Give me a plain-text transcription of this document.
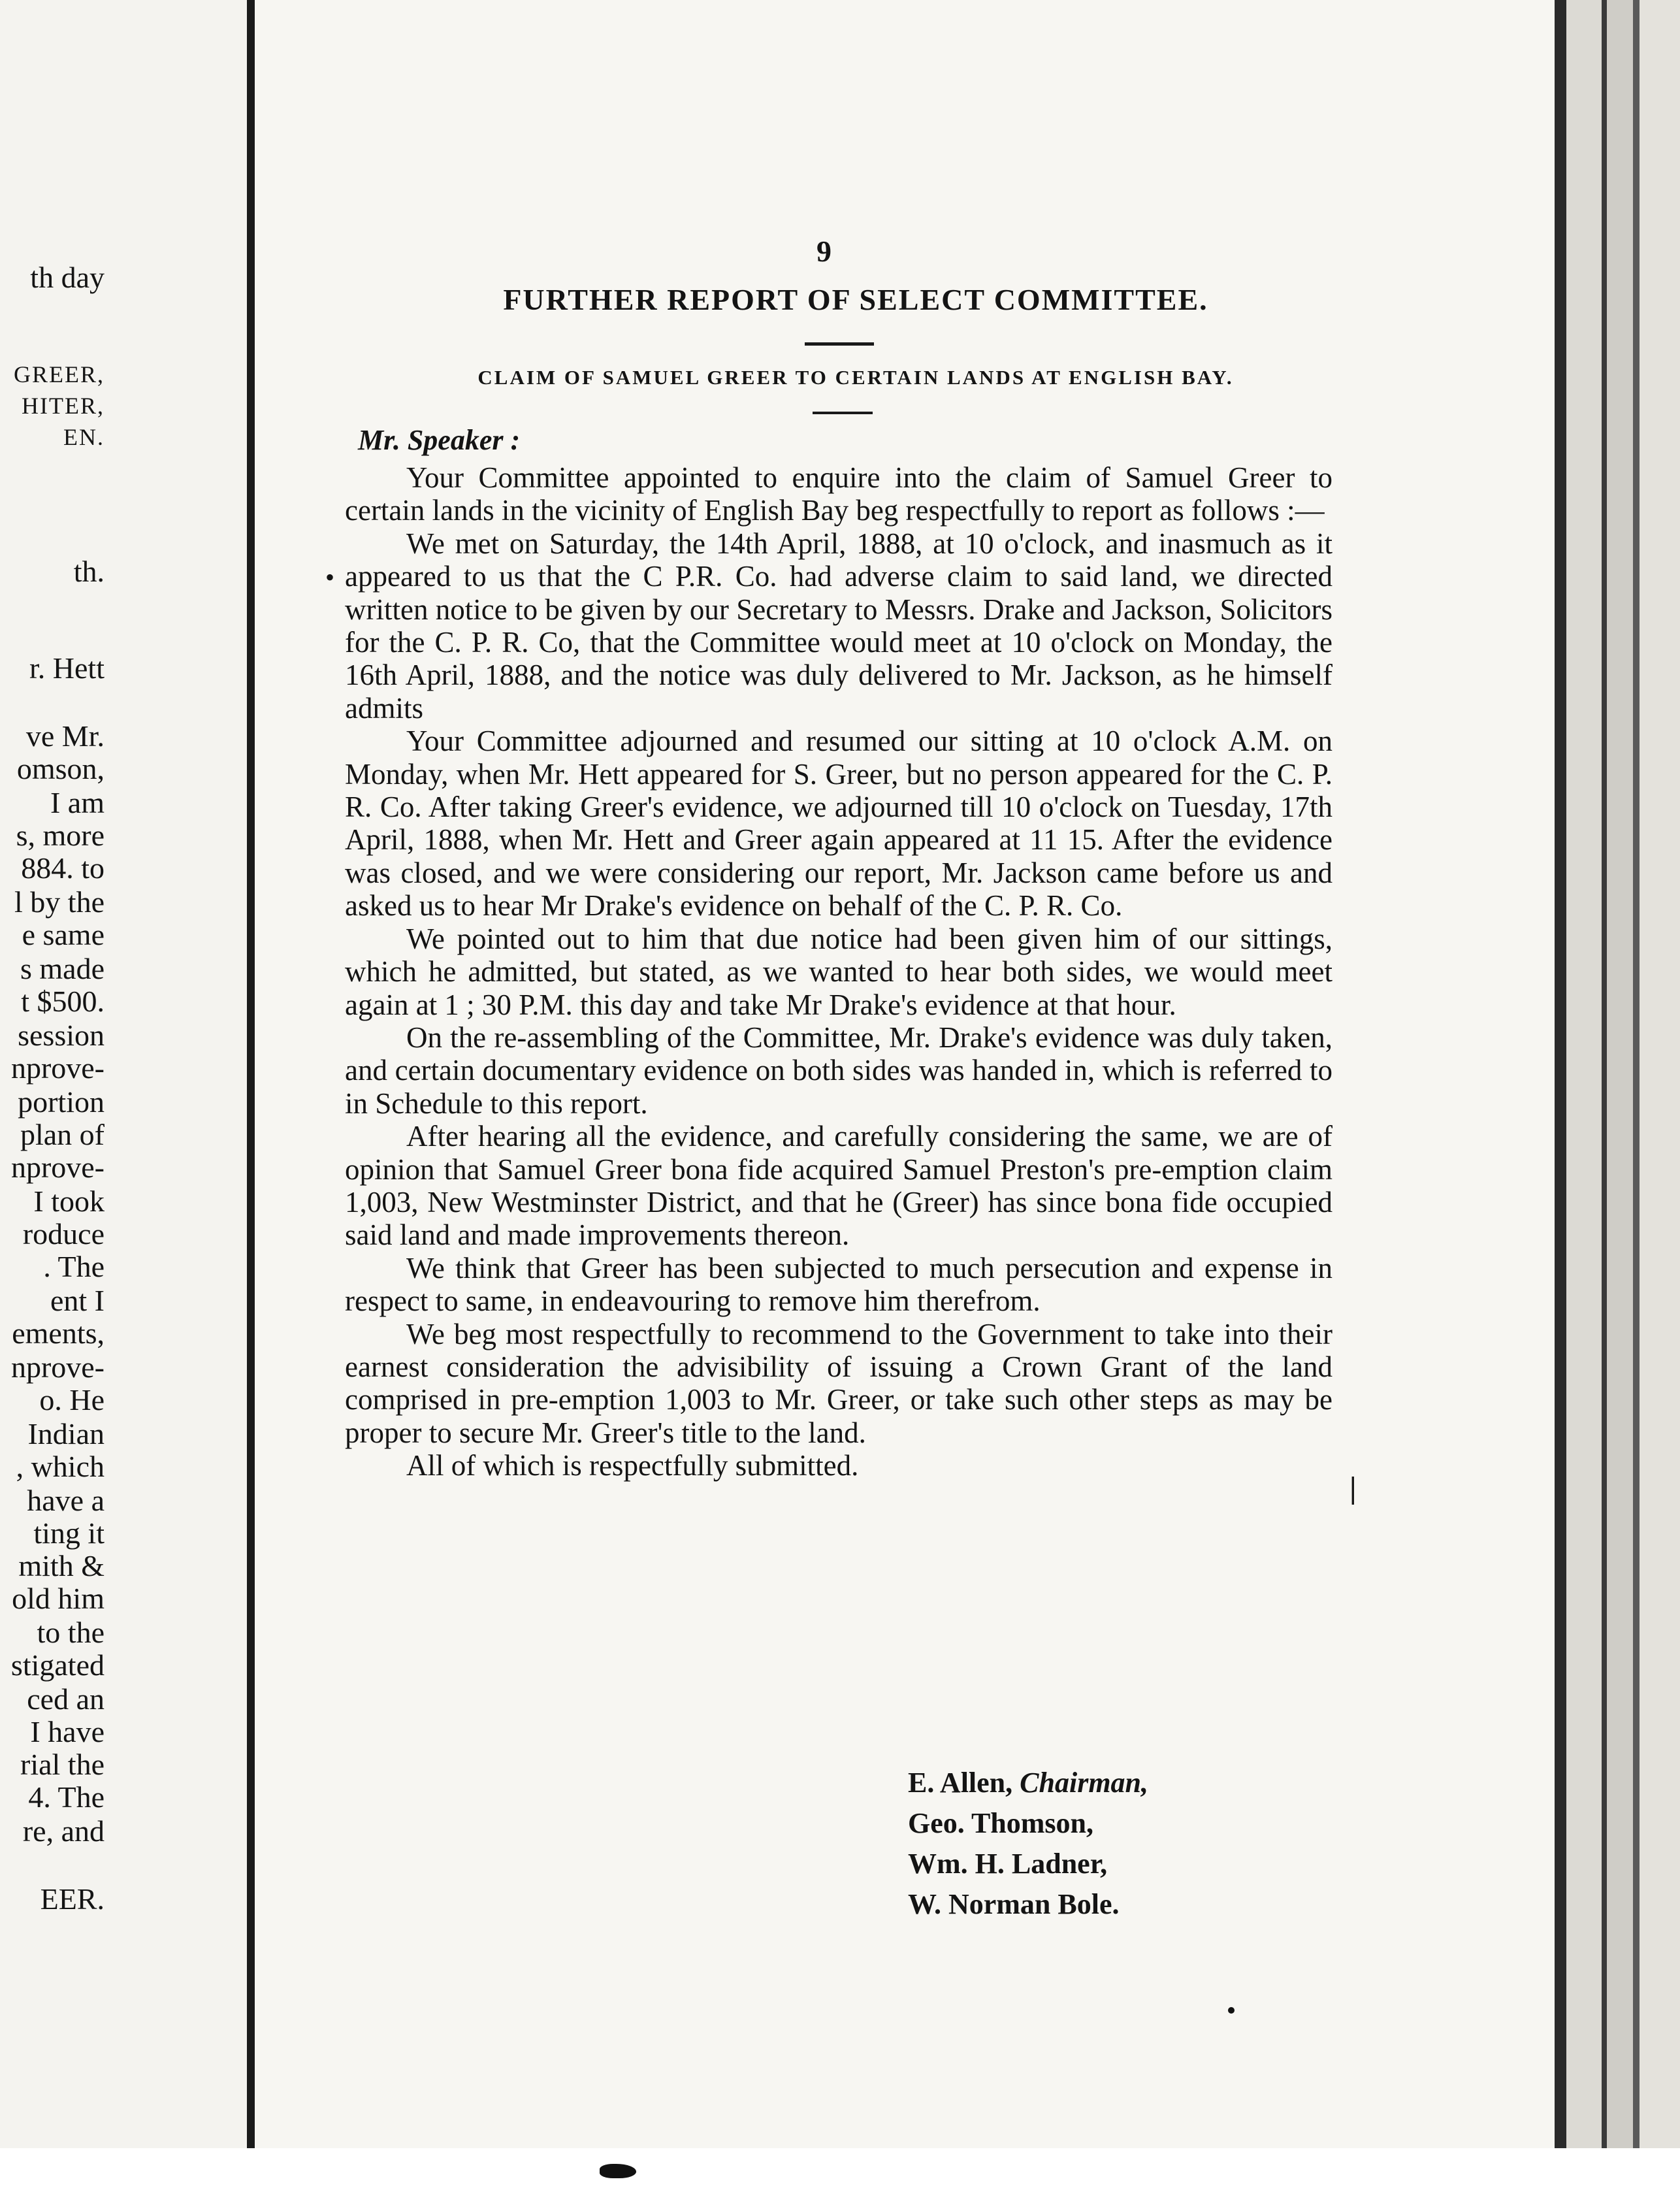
th day
GREER,
HITER,
EN.
th.
r. Hett
ve Mr.
omson,
I am
s, more
884. to
l by the
e same
s made
t $500.
session
nprove-
portion
plan of
nprove-
I took
roduce
. The
ent I
ements,
nprove-
o. He
Indian
, which
have a
ting it
mith &
old him
to the
stigated
ced an
I have
rial the
4. The
re, and
EER.
9
FURTHER REPORT OF SELECT COMMITTEE.
CLAIM OF SAMUEL GREER TO CERTAIN LANDS AT ENGLISH BAY.
Mr. Speaker :

Your Committee appointed to enquire into the claim of Samuel Greer to certain lands in the vicinity of English Bay beg respectfully to report as follows :—

We met on Saturday, the 14th April, 1888, at 10 o'clock, and inasmuch as it appeared to us that the C P.R. Co. had adverse claim to said land, we directed written notice to be given by our Secretary to Messrs. Drake and Jackson, Solicitors for the C. P. R. Co, that the Committee would meet at 10 o'clock on Monday, the 16th April, 1888, and the notice was duly delivered to Mr. Jackson, as he himself admits

Your Committee adjourned and resumed our sitting at 10 o'clock A.M. on Monday, when Mr. Hett appeared for S. Greer, but no person appeared for the C. P. R. Co. After taking Greer's evidence, we adjourned till 10 o'clock on Tuesday, 17th April, 1888, when Mr. Hett and Greer again appeared at 11 15. After the evidence was closed, and we were considering our report, Mr. Jackson came before us and asked us to hear Mr Drake's evidence on behalf of the C. P. R. Co.

We pointed out to him that due notice had been given him of our sittings, which he admitted, but stated, as we wanted to hear both sides, we would meet again at 1 ; 30 P.M. this day and take Mr Drake's evidence at that hour.

On the re-assembling of the Committee, Mr. Drake's evidence was duly taken, and certain documentary evidence on both sides was handed in, which is referred to in Schedule to this report.

After hearing all the evidence, and carefully considering the same, we are of opinion that Samuel Greer bona fide acquired Samuel Preston's pre-emption claim 1,003, New Westminster District, and that he (Greer) has since bona fide occupied said land and made improvements thereon.

We think that Greer has been subjected to much persecution and expense in respect to same, in endeavouring to remove him therefrom.

We beg most respectfully to recommend to the Government to take into their earnest consideration the advisibility of issuing a Crown Grant of the land comprised in pre-emption 1,003 to Mr. Greer, or take such other steps as may be proper to secure Mr. Greer's title to the land.

All of which is respectfully submitted.

E. Allen, Chairman,
Geo. Thomson,
Wm. H. Ladner,
W. Norman Bole.
|
•
